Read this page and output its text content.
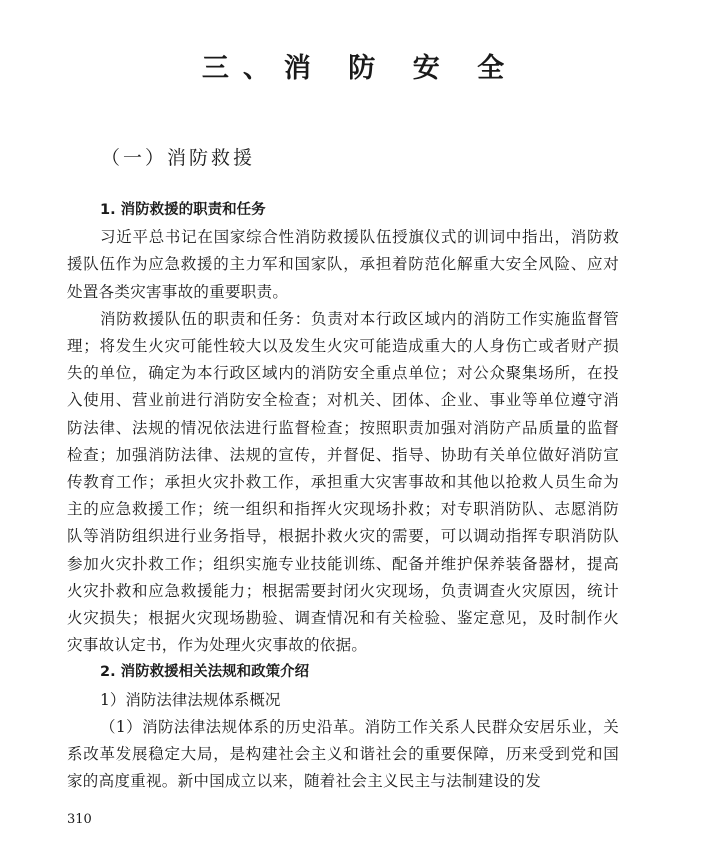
三、消 防 安 全
（一）消防救援

1. 消防救援的职责和任务

习近平总书记在国家综合性消防救援队伍授旗仪式的训词中指出，消防救援队伍作为应急救援的主力军和国家队，承担着防范化解重大安全风险、应对处置各类灾害事故的重要职责。

消防救援队伍的职责和任务：负责对本行政区域内的消防工作实施监督管理；将发生火灾可能性较大以及发生火灾可能造成重大的人身伤亡或者财产损失的单位，确定为本行政区域内的消防安全重点单位；对公众聚集场所，在投入使用、营业前进行消防安全检查；对机关、团体、企业、事业等单位遵守消防法律、法规的情况依法进行监督检查；按照职责加强对消防产品质量的监督检查；加强消防法律、法规的宣传，并督促、指导、协助有关单位做好消防宣传教育工作；承担火灾扑救工作，承担重大灾害事故和其他以抢救人员生命为主的应急救援工作；统一组织和指挥火灾现场扑救；对专职消防队、志愿消防队等消防组织进行业务指导，根据扑救火灾的需要，可以调动指挥专职消防队参加火灾扑救工作；组织实施专业技能训练、配备并维护保养装备器材，提高火灾扑救和应急救援能力；根据需要封闭火灾现场，负责调查火灾原因，统计火灾损失；根据火灾现场勘验、调查情况和有关检验、鉴定意见，及时制作火灾事故认定书，作为处理火灾事故的依据。

2. 消防救援相关法规和政策介绍

1）消防法律法规体系概况

（1）消防法律法规体系的历史沿革。消防工作关系人民群众安居乐业，关系改革发展稳定大局，是构建社会主义和谐社会的重要保障，历来受到党和国家的高度重视。新中国成立以来，随着社会主义民主与法制建设的发

310
